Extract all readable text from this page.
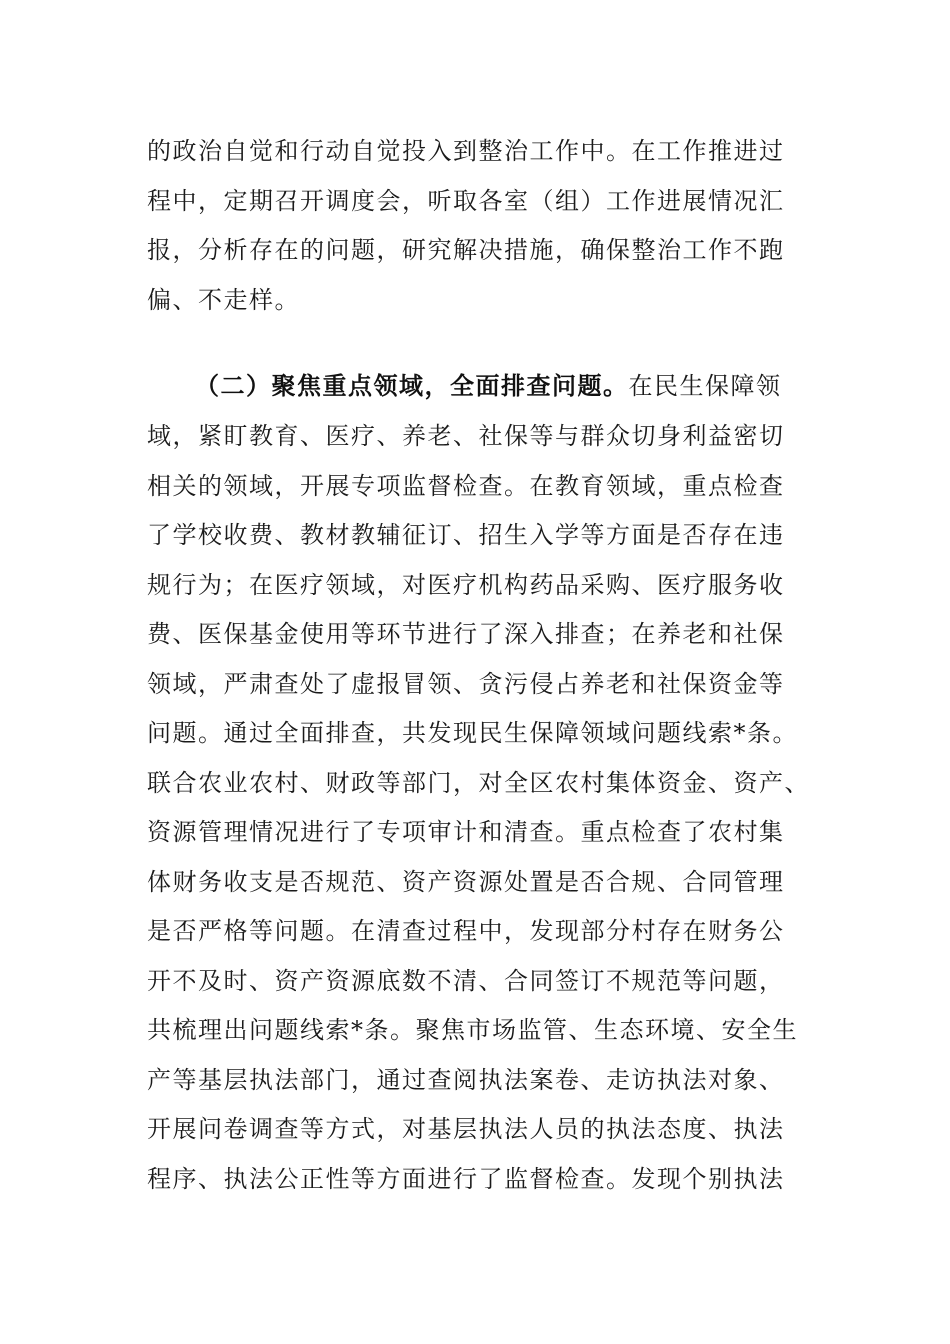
的政治自觉和行动自觉投入到整治工作中。在工作推进过
程中，定期召开调度会，听取各室（组）工作进展情况汇
报，分析存在的问题，研究解决措施，确保整治工作不跑
偏、不走样。
（二）聚焦重点领域，全面排查问题。在民生保障领
域，紧盯教育、医疗、养老、社保等与群众切身利益密切
相关的领域，开展专项监督检查。在教育领域，重点检查
了学校收费、教材教辅征订、招生入学等方面是否存在违
规行为；在医疗领域，对医疗机构药品采购、医疗服务收
费、医保基金使用等环节进行了深入排查；在养老和社保
领域，严肃查处了虚报冒领、贪污侵占养老和社保资金等
问题。通过全面排查，共发现民生保障领域问题线索*条。
联合农业农村、财政等部门，对全区农村集体资金、资产、
资源管理情况进行了专项审计和清查。重点检查了农村集
体财务收支是否规范、资产资源处置是否合规、合同管理
是否严格等问题。在清查过程中，发现部分村存在财务公
开不及时、资产资源底数不清、合同签订不规范等问题，
共梳理出问题线索*条。聚焦市场监管、生态环境、安全生
产等基层执法部门，通过查阅执法案卷、走访执法对象、
开展问卷调查等方式，对基层执法人员的执法态度、执法
程序、执法公正性等方面进行了监督检查。发现个别执法
